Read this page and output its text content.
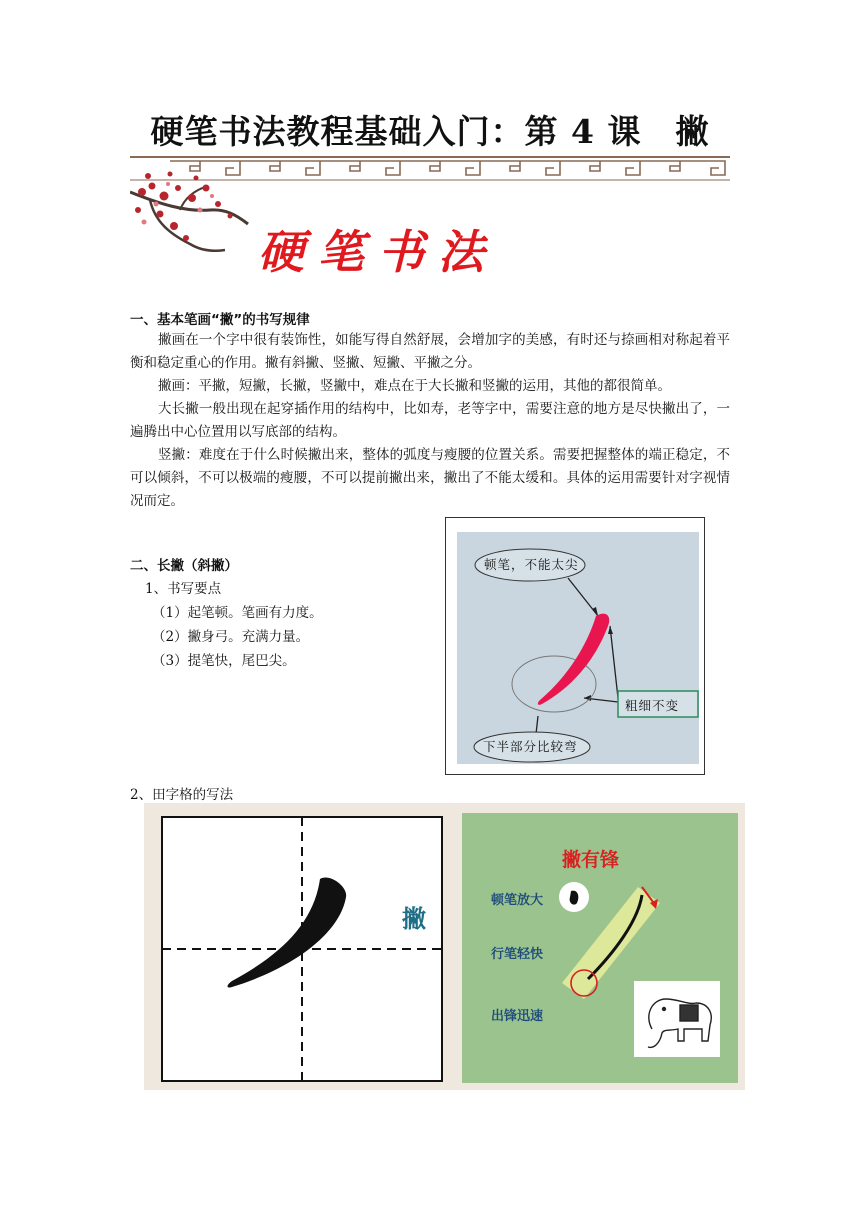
硬笔书法教程基础入门：第 4 课　撇
硬笔书法
一、基本笔画“撇”的书写规律
撇画在一个字中很有装饰性，如能写得自然舒展，会增加字的美感，有时还与捺画相对称起着平衡和稳定重心的作用。撇有斜撇、竖撇、短撇、平撇之分。
撇画：平撇，短撇，长撇，竖撇中，难点在于大长撇和竖撇的运用，其他的都很简单。
大长撇一般出现在起穿插作用的结构中，比如寿，老等字中，需要注意的地方是尽快撇出了，一遍腾出中心位置用以写底部的结构。
竖撇：难度在于什么时候撇出来，整体的弧度与瘦腰的位置关系。需要把握整体的端正稳定，不可以倾斜，不可以极端的瘦腰，不可以提前撇出来，撇出了不能太缓和。具体的运用需要针对字视情况而定。
二、长撇（斜撇）
1、书写要点
（1）起笔顿。笔画有力度。
（2）撇身弓。充满力量。
（3）提笔快，尾巴尖。
顿笔，不能太尖
粗细不变
下半部分比较弯
2、田字格的写法
撇
撇有锋
顿笔放大
行笔轻快
出锋迅速
